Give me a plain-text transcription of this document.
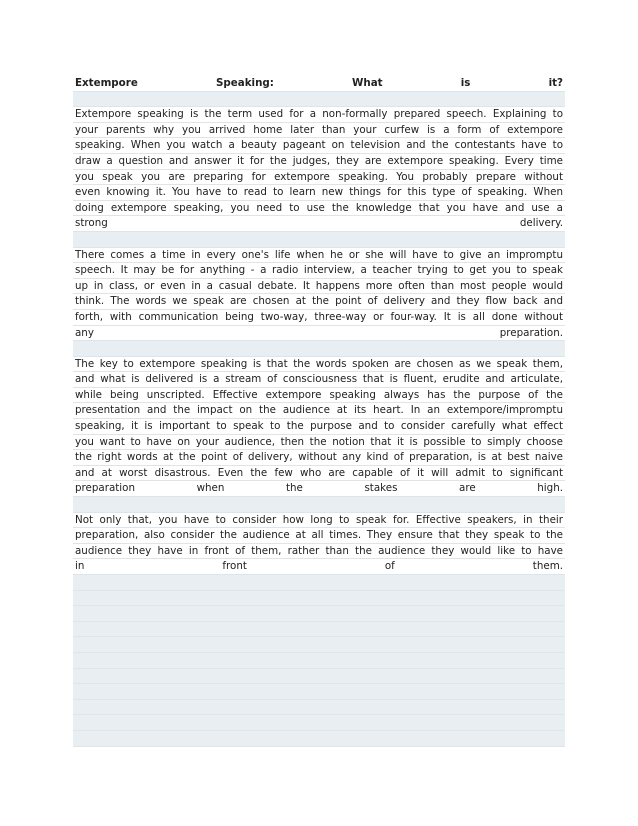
Extempore Speaking: What is it?
Extempore speaking is the term used for a non-formally prepared speech. Explaining to
your parents why you arrived home later than your curfew is a form of extempore
speaking. When you watch a beauty pageant on television and the contestants have to
draw a question and answer it for the judges, they are extempore speaking. Every time
you speak you are preparing for extempore speaking. You probably prepare without
even knowing it. You have to read to learn new things for this type of speaking. When
doing extempore speaking, you need to use the knowledge that you have and use a
strong delivery.
There comes a time in every one's life when he or she will have to give an impromptu
speech. It may be for anything - a radio interview, a teacher trying to get you to speak
up in class, or even in a casual debate. It happens more often than most people would
think. The words we speak are chosen at the point of delivery and they flow back and
forth, with communication being two-way, three-way or four-way. It is all done without
any preparation.
The key to extempore speaking is that the words spoken are chosen as we speak them,
and what is delivered is a stream of consciousness that is fluent, erudite and articulate,
while being unscripted. Effective extempore speaking always has the purpose of the
presentation and the impact on the audience at its heart. In an extempore/impromptu
speaking, it is important to speak to the purpose and to consider carefully what effect
you want to have on your audience, then the notion that it is possible to simply choose
the right words at the point of delivery, without any kind of preparation, is at best naive
and at worst disastrous. Even the few who are capable of it will admit to significant
preparation when the stakes are high.
Not only that, you have to consider how long to speak for. Effective speakers, in their
preparation, also consider the audience at all times. They ensure that they speak to the
audience they have in front of them, rather than the audience they would like to have
in front of them.
